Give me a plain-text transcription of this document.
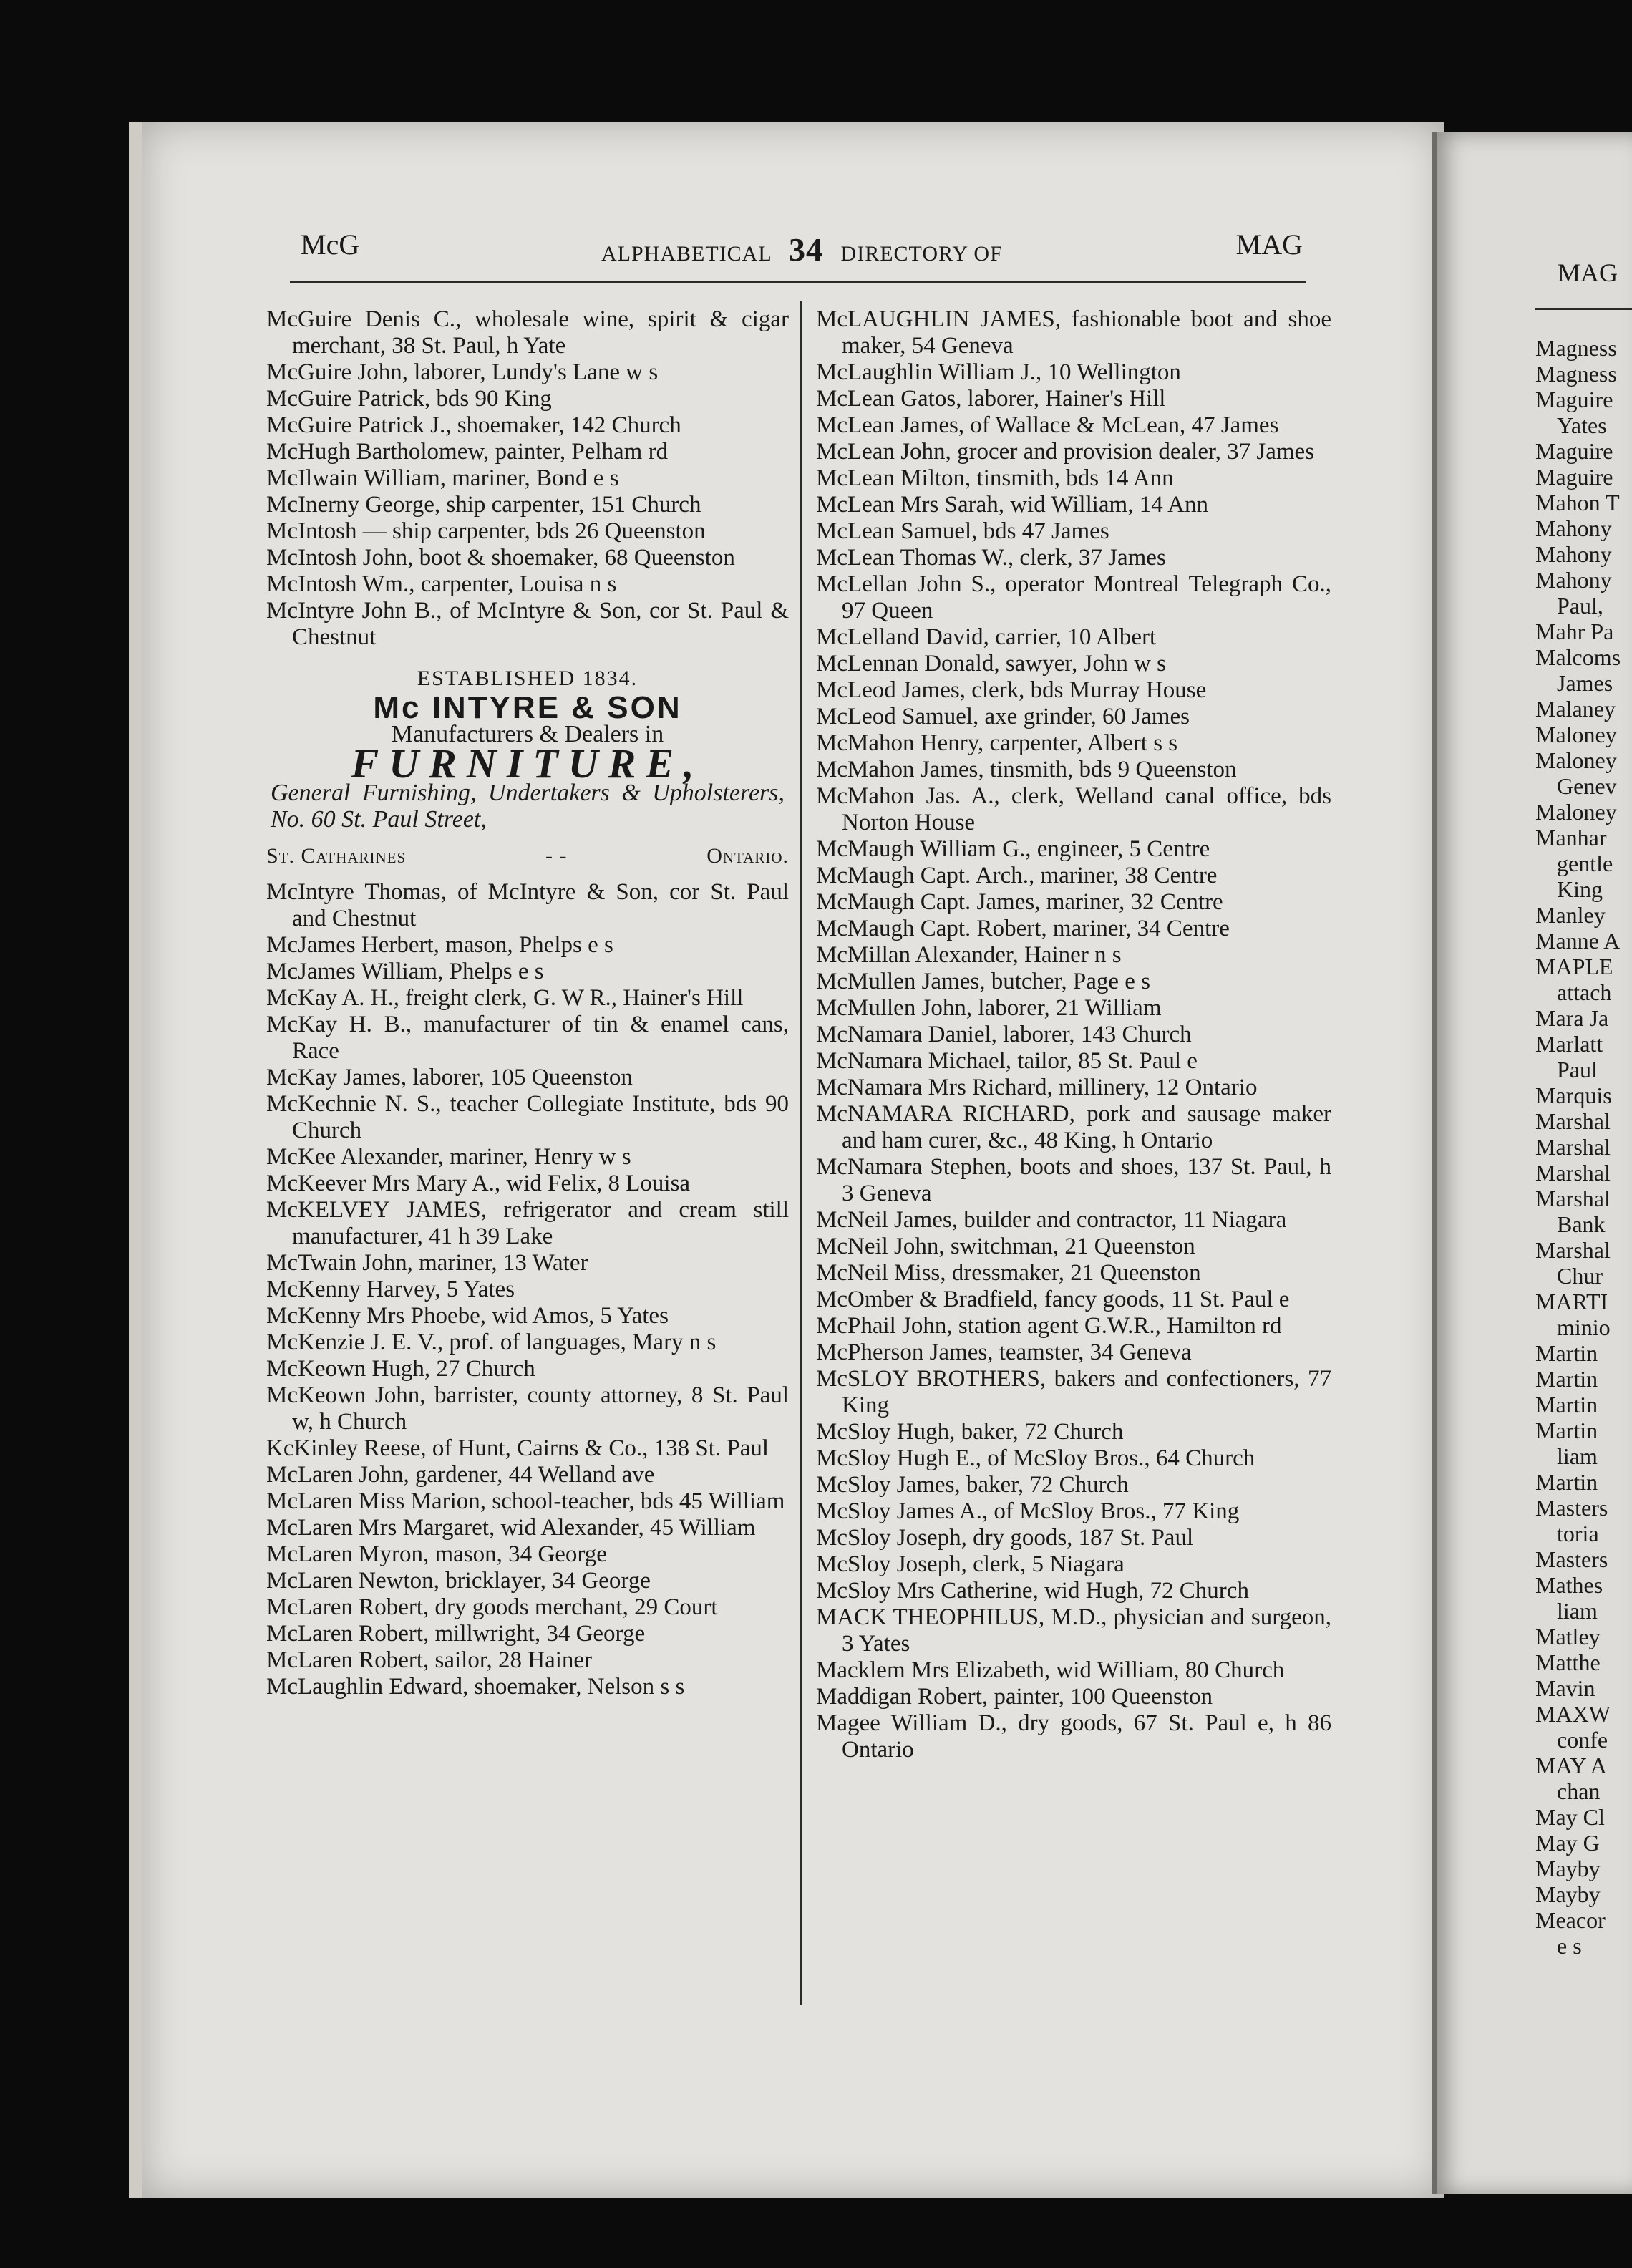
McG	ALPHABETICAL 34 DIRECTORY OF	MAG
McGuire Denis C., wholesale wine, spirit & cigar merchant, 38 St. Paul, h Yate
McGuire John, laborer, Lundy's Lane w s
McGuire Patrick, bds 90 King
McGuire Patrick J., shoemaker, 142 Church
McHugh Bartholomew, painter, Pelham rd
McIlwain William, mariner, Bond e s
McInerny George, ship carpenter, 151 Church
McIntosh — ship carpenter, bds 26 Queenston
McIntosh John, boot & shoemaker, 68 Queenston
McIntosh Wm., carpenter, Louisa n s
McIntyre John B., of McIntyre & Son, cor St. Paul & Chestnut
ESTABLISHED 1834.
Mc INTYRE & SON
Manufacturers & Dealers in
FURNITURE,
General Furnishing, Undertakers & Upholsterers, No. 60 St. Paul Street,
St. Catharines	- -	Ontario.
McIntyre Thomas, of McIntyre & Son, cor St. Paul and Chestnut
McJames Herbert, mason, Phelps e s
McJames William, Phelps e s
McKay A. H., freight clerk, G. W R., Hainer's Hill
McKay H. B., manufacturer of tin & enamel cans, Race
McKay James, laborer, 105 Queenston
McKechnie N. S., teacher Collegiate Institute, bds 90 Church
McKee Alexander, mariner, Henry w s
McKeever Mrs Mary A., wid Felix, 8 Louisa
McKELVEY JAMES, refrigerator and cream still manufacturer, 41 h 39 Lake
McTwain John, mariner, 13 Water
McKenny Harvey, 5 Yates
McKenny Mrs Phoebe, wid Amos, 5 Yates
McKenzie J. E. V., prof. of languages, Mary n s
McKeown Hugh, 27 Church
McKeown John, barrister, county attorney, 8 St. Paul w, h Church
KcKinley Reese, of Hunt, Cairns & Co., 138 St. Paul
McLaren John, gardener, 44 Welland ave
McLaren Miss Marion, school-teacher, bds 45 William
McLaren Mrs Margaret, wid Alexander, 45 William
McLaren Myron, mason, 34 George
McLaren Newton, bricklayer, 34 George
McLaren Robert, dry goods merchant, 29 Court
McLaren Robert, millwright, 34 George
McLaren Robert, sailor, 28 Hainer
McLaughlin Edward, shoemaker, Nelson s s
McLAUGHLIN JAMES, fashionable boot and shoe maker, 54 Geneva
McLaughlin William J., 10 Wellington
McLean Gatos, laborer, Hainer's Hill
McLean James, of Wallace & McLean, 47 James
McLean John, grocer and provision dealer, 37 James
McLean Milton, tinsmith, bds 14 Ann
McLean Mrs Sarah, wid William, 14 Ann
McLean Samuel, bds 47 James
McLean Thomas W., clerk, 37 James
McLellan John S., operator Montreal Telegraph Co., 97 Queen
McLelland David, carrier, 10 Albert
McLennan Donald, sawyer, John w s
McLeod James, clerk, bds Murray House
McLeod Samuel, axe grinder, 60 James
McMahon Henry, carpenter, Albert s s
McMahon James, tinsmith, bds 9 Queenston
McMahon Jas. A., clerk, Welland canal office, bds Norton House
McMaugh William G., engineer, 5 Centre
McMaugh Capt. Arch., mariner, 38 Centre
McMaugh Capt. James, mariner, 32 Centre
McMaugh Capt. Robert, mariner, 34 Centre
McMillan Alexander, Hainer n s
McMullen James, butcher, Page e s
McMullen John, laborer, 21 William
McNamara Daniel, laborer, 143 Church
McNamara Michael, tailor, 85 St. Paul e
McNamara Mrs Richard, millinery, 12 Ontario
McNAMARA RICHARD, pork and sausage maker and ham curer, &c., 48 King, h Ontario
McNamara Stephen, boots and shoes, 137 St. Paul, h 3 Geneva
McNeil James, builder and contractor, 11 Niagara
McNeil John, switchman, 21 Queenston
McNeil Miss, dressmaker, 21 Queenston
McOmber & Bradfield, fancy goods, 11 St. Paul e
McPhail John, station agent G.W.R., Hamilton rd
McPherson James, teamster, 34 Geneva
McSLOY BROTHERS, bakers and confectioners, 77 King
McSloy Hugh, baker, 72 Church
McSloy Hugh E., of McSloy Bros., 64 Church
McSloy James, baker, 72 Church
McSloy James A., of McSloy Bros., 77 King
McSloy Joseph, dry goods, 187 St. Paul
McSloy Joseph, clerk, 5 Niagara
McSloy Mrs Catherine, wid Hugh, 72 Church
MACK THEOPHILUS, M.D., physician and surgeon, 3 Yates
Macklem Mrs Elizabeth, wid William, 80 Church
Maddigan Robert, painter, 100 Queenston
Magee William D., dry goods, 67 St. Paul e, h 86 Ontario
MAG
Magness
Magness
Maguire
Yates
Maguire
Maguire
Mahon T
Mahony
Mahony
Mahony
Paul,
Mahr Pa
Malcoms
James
Malaney
Maloney
Maloney
Genev
Maloney
Manhar
gentle
King
Manley
Manne A
MAPLE
attach
Mara Ja
Marlatt
Paul
Marquis
Marshal
Marshal
Marshal
Marshal
Bank
Marshal
Chur
MARTI
minio
Martin
Martin
Martin
Martin
liam
Martin
Masters
toria
Masters
Mathes
liam
Matley
Matthe
Mavin
MAXW
confe
MAY A
chan
May Cl
May G
Mayby
Mayby
Meacor
e s
